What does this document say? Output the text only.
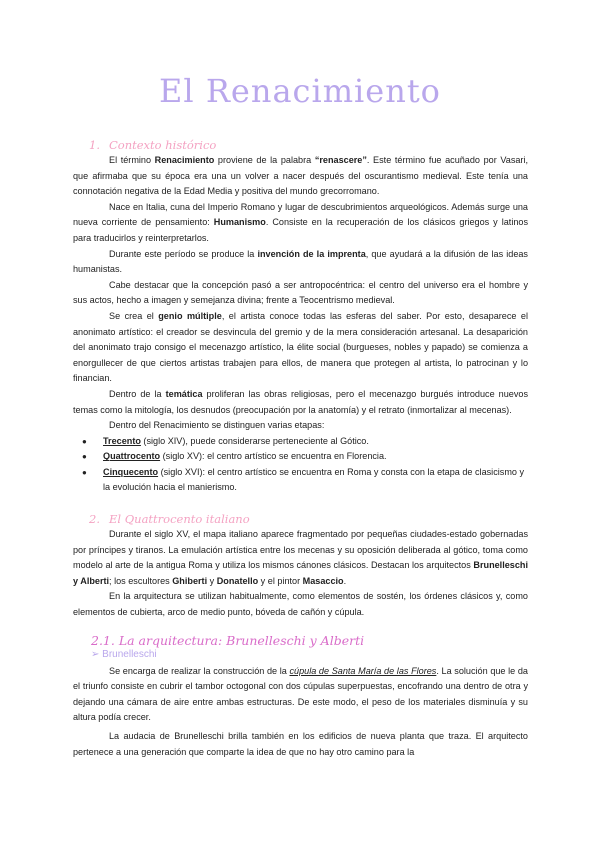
El Renacimiento
1. Contexto histórico

El término Renacimiento proviene de la palabra “renascere”. Este término fue acuñado por Vasari, que afirmaba que su época era una un volver a nacer después del oscurantismo medieval. Este tenía una connotación negativa de la Edad Media y positiva del mundo grecorromano.

Nace en Italia, cuna del Imperio Romano y lugar de descubrimientos arqueológicos. Además surge una nueva corriente de pensamiento: Humanismo. Consiste en la recuperación de los clásicos griegos y latinos para traducirlos y reinterpretarlos.

Durante este período se produce la invención de la imprenta, que ayudará a la difusión de las ideas humanistas.

Cabe destacar que la concepción pasó a ser antropocéntrica: el centro del universo era el hombre y sus actos, hecho a imagen y semejanza divina; frente a Teocentrismo medieval.

Se crea el genio múltiple, el artista conoce todas las esferas del saber. Por esto, desaparece el anonimato artístico: el creador se desvincula del gremio y de la mera consideración artesanal. La desaparición del anonimato trajo consigo el mecenazgo artístico, la élite social (burgueses, nobles y papado) se comienza a enorgullecer de que ciertos artistas trabajen para ellos, de manera que protegen al artista, lo patrocinan y lo financian.

Dentro de la temática proliferan las obras religiosas, pero el mecenazgo burgués introduce nuevos temas como la mitología, los desnudos (preocupación por la anatomía) y el retrato (inmortalizar al mecenas).

Dentro del Renacimiento se distinguen varias etapas:

● Trecento (siglo XIV), puede considerarse perteneciente al Gótico.
● Quattrocento (siglo XV): el centro artístico se encuentra en Florencia.
● Cinquecento (siglo XVI): el centro artístico se encuentra en Roma y consta con la etapa de clasicismo y la evolución hacia el manierismo.
2. El Quattrocento italiano

Durante el siglo XV, el mapa italiano aparece fragmentado por pequeñas ciudades-estado gobernadas por príncipes y tiranos. La emulación artística entre los mecenas y su oposición deliberada al gótico, toma como modelo al arte de la antigua Roma y utiliza los mismos cánones clásicos. Destacan los arquitectos Brunelleschi y Alberti; los escultores Ghiberti y Donatello y el pintor Masaccio.

En la arquitectura se utilizan habitualmente, como elementos de sostén, los órdenes clásicos y, como elementos de cubierta, arco de medio punto, bóveda de cañón y cúpula.

2.1. La arquitectura: Brunelleschi y Alberti
➢ Brunelleschi

Se encarga de realizar la construcción de la cúpula de Santa María de las Flores. La solución que le da el triunfo consiste en cubrir el tambor octogonal con dos cúpulas superpuestas, encofrando una dentro de otra y dejando una cámara de aire entre ambas estructuras. De este modo, el peso de los materiales disminuía y su altura podía crecer.

La audacia de Brunelleschi brilla también en los edificios de nueva planta que traza. El arquitecto pertenece a una generación que comparte la idea de que no hay otro camino para la
